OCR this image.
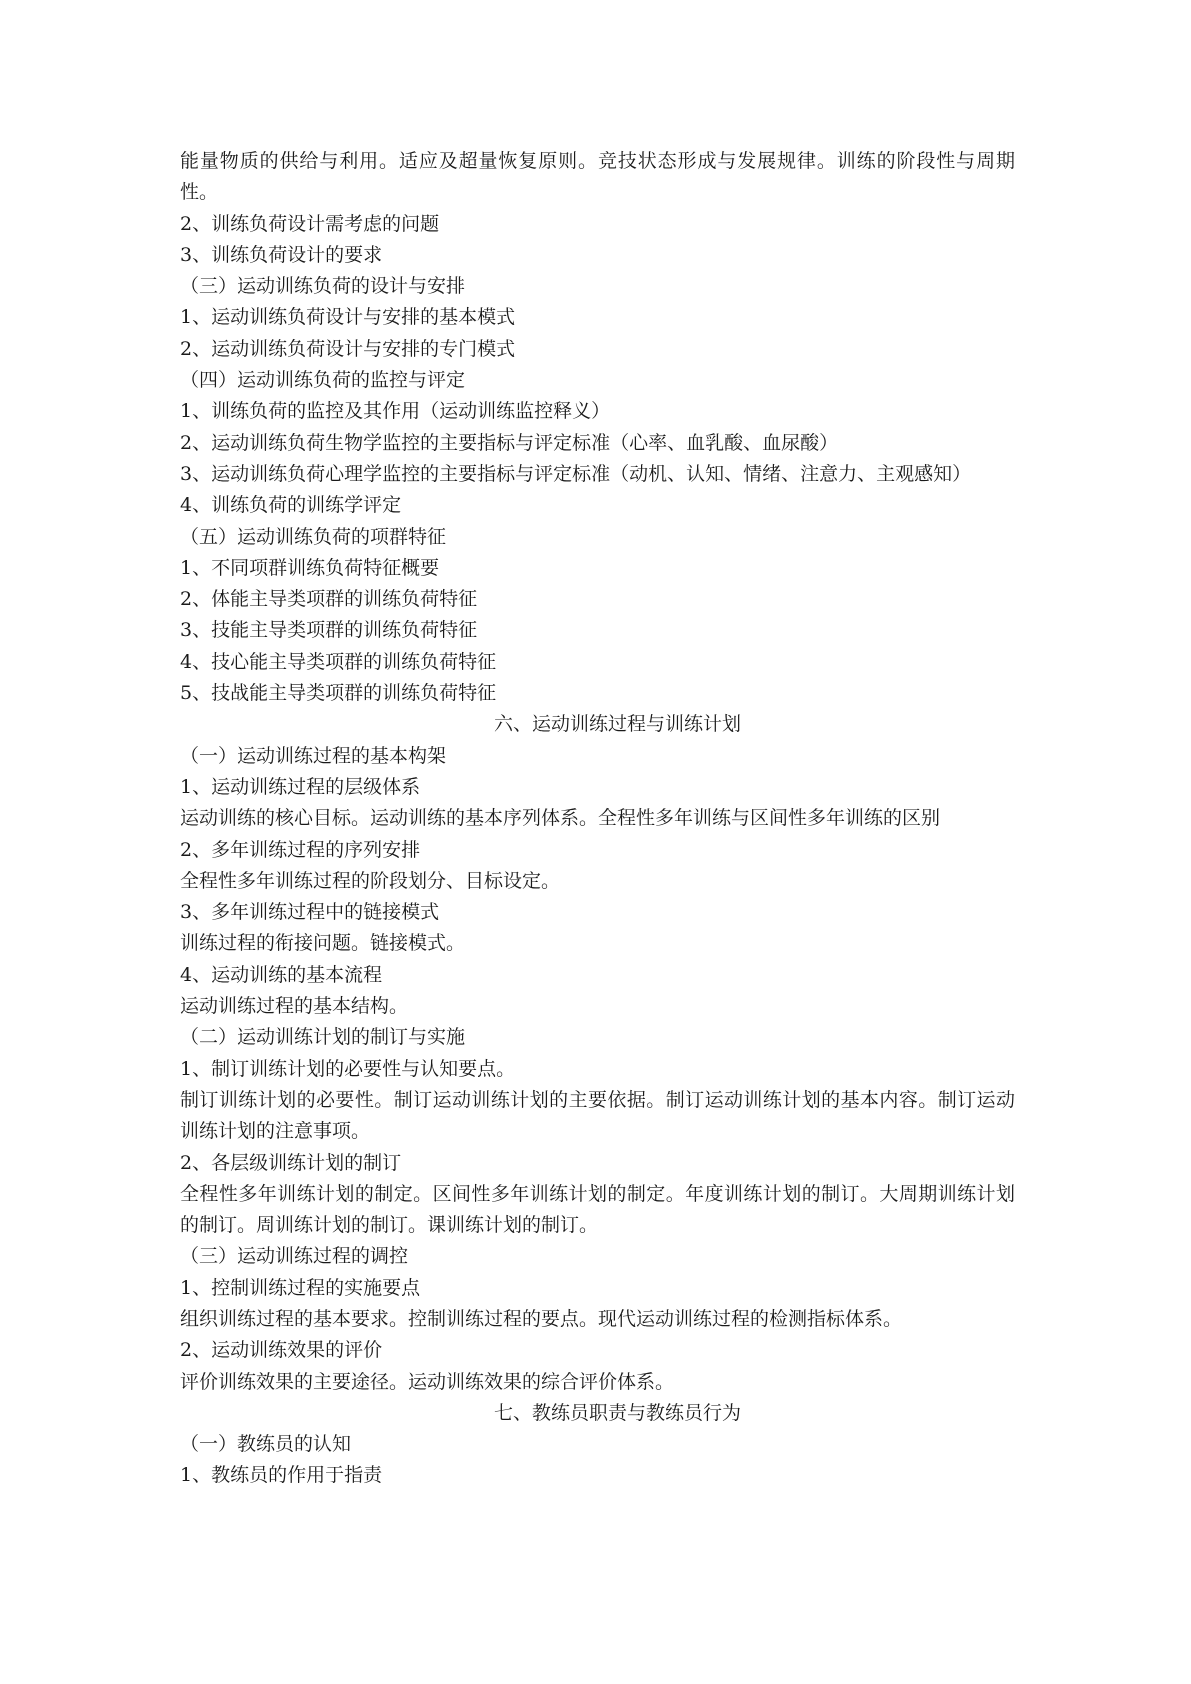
能量物质的供给与利用。适应及超量恢复原则。竞技状态形成与发展规律。训练的阶段性与周期性。
2、训练负荷设计需考虑的问题
3、训练负荷设计的要求
（三）运动训练负荷的设计与安排
1、运动训练负荷设计与安排的基本模式
2、运动训练负荷设计与安排的专门模式
（四）运动训练负荷的监控与评定
1、训练负荷的监控及其作用（运动训练监控释义）
2、运动训练负荷生物学监控的主要指标与评定标准（心率、血乳酸、血尿酸）
3、运动训练负荷心理学监控的主要指标与评定标准（动机、认知、情绪、注意力、主观感知）
4、训练负荷的训练学评定
（五）运动训练负荷的项群特征
1、不同项群训练负荷特征概要
2、体能主导类项群的训练负荷特征
3、技能主导类项群的训练负荷特征
4、技心能主导类项群的训练负荷特征
5、技战能主导类项群的训练负荷特征
六、运动训练过程与训练计划
（一）运动训练过程的基本构架
1、运动训练过程的层级体系
运动训练的核心目标。运动训练的基本序列体系。全程性多年训练与区间性多年训练的区别
2、多年训练过程的序列安排
全程性多年训练过程的阶段划分、目标设定。
3、多年训练过程中的链接模式
训练过程的衔接问题。链接模式。
4、运动训练的基本流程
运动训练过程的基本结构。
（二）运动训练计划的制订与实施
1、制订训练计划的必要性与认知要点。
制订训练计划的必要性。制订运动训练计划的主要依据。制订运动训练计划的基本内容。制订运动训练计划的注意事项。
2、各层级训练计划的制订
全程性多年训练计划的制定。区间性多年训练计划的制定。年度训练计划的制订。大周期训练计划的制订。周训练计划的制订。课训练计划的制订。
（三）运动训练过程的调控
1、控制训练过程的实施要点
组织训练过程的基本要求。控制训练过程的要点。现代运动训练过程的检测指标体系。
2、运动训练效果的评价
评价训练效果的主要途径。运动训练效果的综合评价体系。
七、教练员职责与教练员行为
（一）教练员的认知
1、教练员的作用于指责
